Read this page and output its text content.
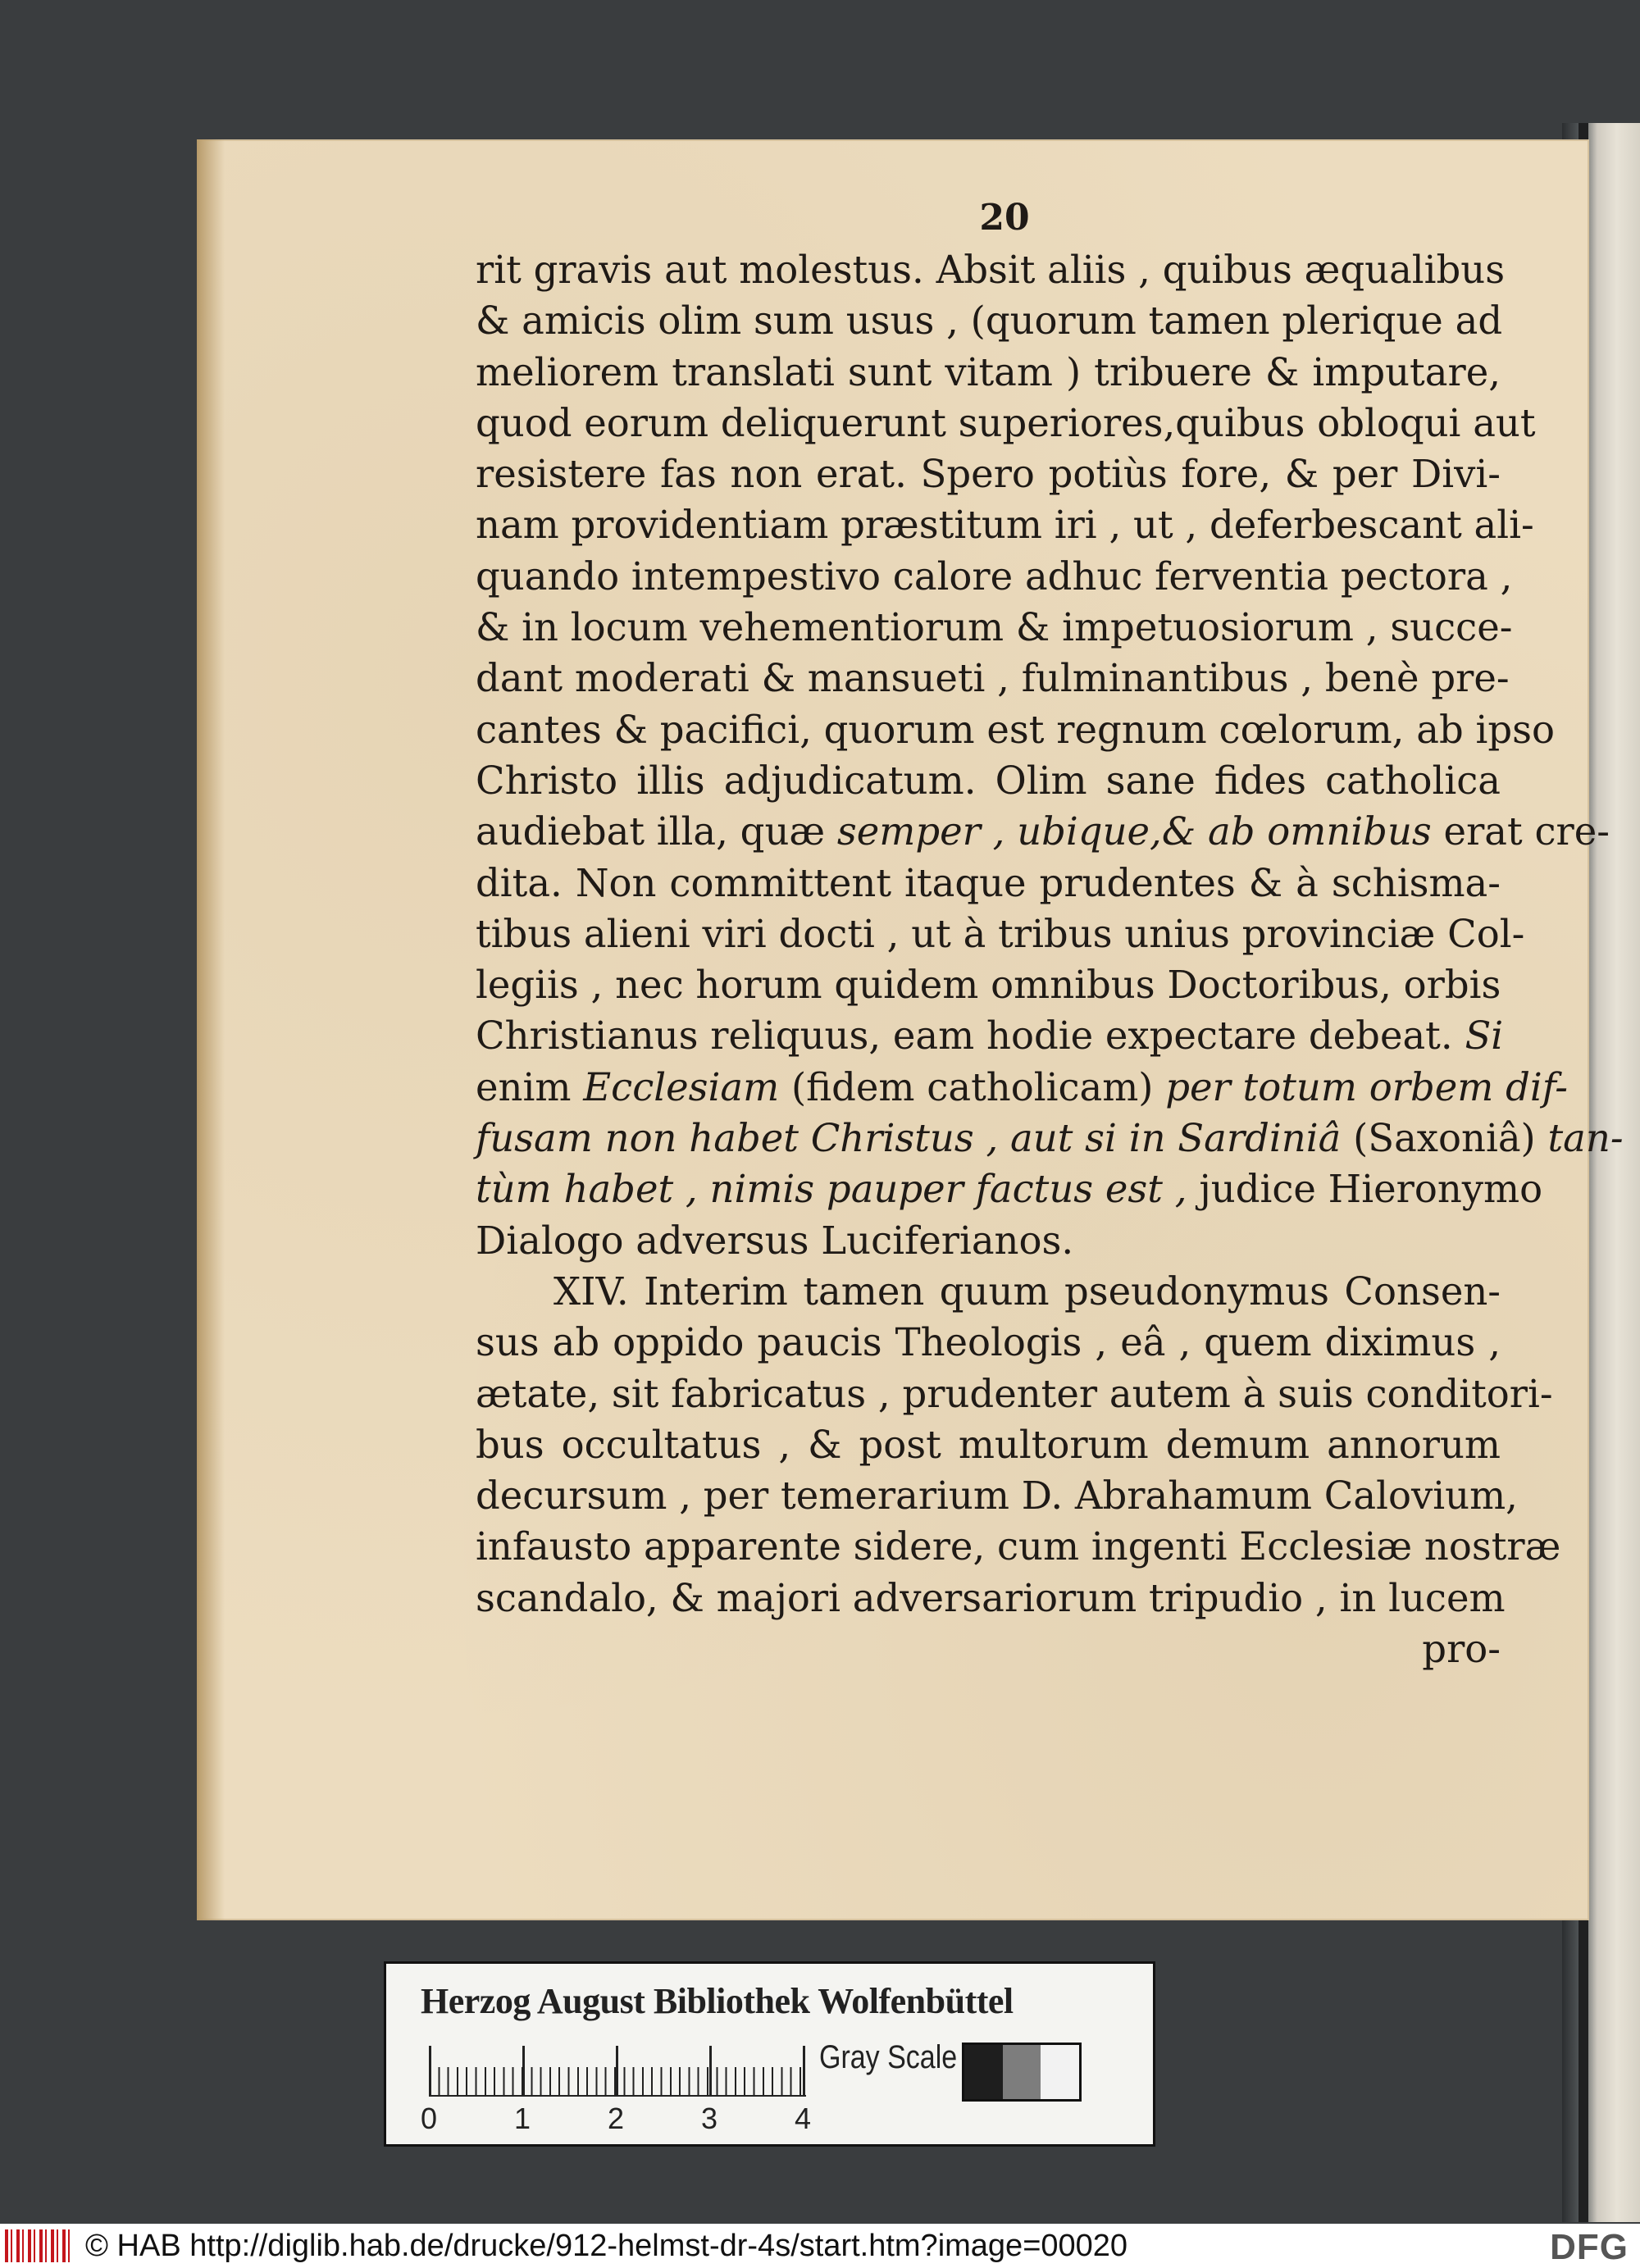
20
rit gravis aut molestus. Absit aliis , quibus æqualibus
& amicis olim sum usus , (quorum tamen plerique ad
meliorem translati sunt vitam ) tribuere & imputare,
quod eorum deliquerunt superiores,quibus obloqui aut
resistere fas non erat. Spero potiùs fore, & per Divi-
nam providentiam præstitum iri , ut , deferbescant ali-
quando intempestivo calore adhuc ferventia pectora ,
& in locum vehementiorum & impetuosiorum , succe-
dant moderati & mansueti , fulminantibus , benè pre-
cantes & pacifici, quorum est regnum cœlorum, ab ipso
Christo illis adjudicatum. Olim sane fides catholica
audiebat illa, quæ semper , ubique,& ab omnibus erat cre-
dita. Non committent itaque prudentes & à schisma-
tibus alieni viri docti , ut à tribus unius provinciæ Col-
legiis , nec horum quidem omnibus Doctoribus, orbis
Christianus reliquus, eam hodie expectare debeat. Si
enim Ecclesiam (fidem catholicam) per totum orbem dif-
fusam non habet Christus , aut si in Sardiniâ (Saxoniâ) tan-
tùm habet , nimis pauper factus est , judice Hieronymo
Dialogo adversus Luciferianos.
XIV. Interim tamen quum pseudonymus Consen-
sus ab oppido paucis Theologis , eâ , quem diximus ,
ætate, sit fabricatus , prudenter autem à suis conditori-
bus occultatus , & post multorum demum annorum
decursum , per temerarium D. Abrahamum Calovium,
infausto apparente sidere, cum ingenti Ecclesiæ nostræ
scandalo, & majori adversariorum tripudio , in lucem
pro-
Herzog August Bibliothek Wolfenbüttel
0	1	2	3	4
Gray Scale
© HAB http://diglib.hab.de/drucke/912-helmst-dr-4s/start.htm?image=00020	DFG
